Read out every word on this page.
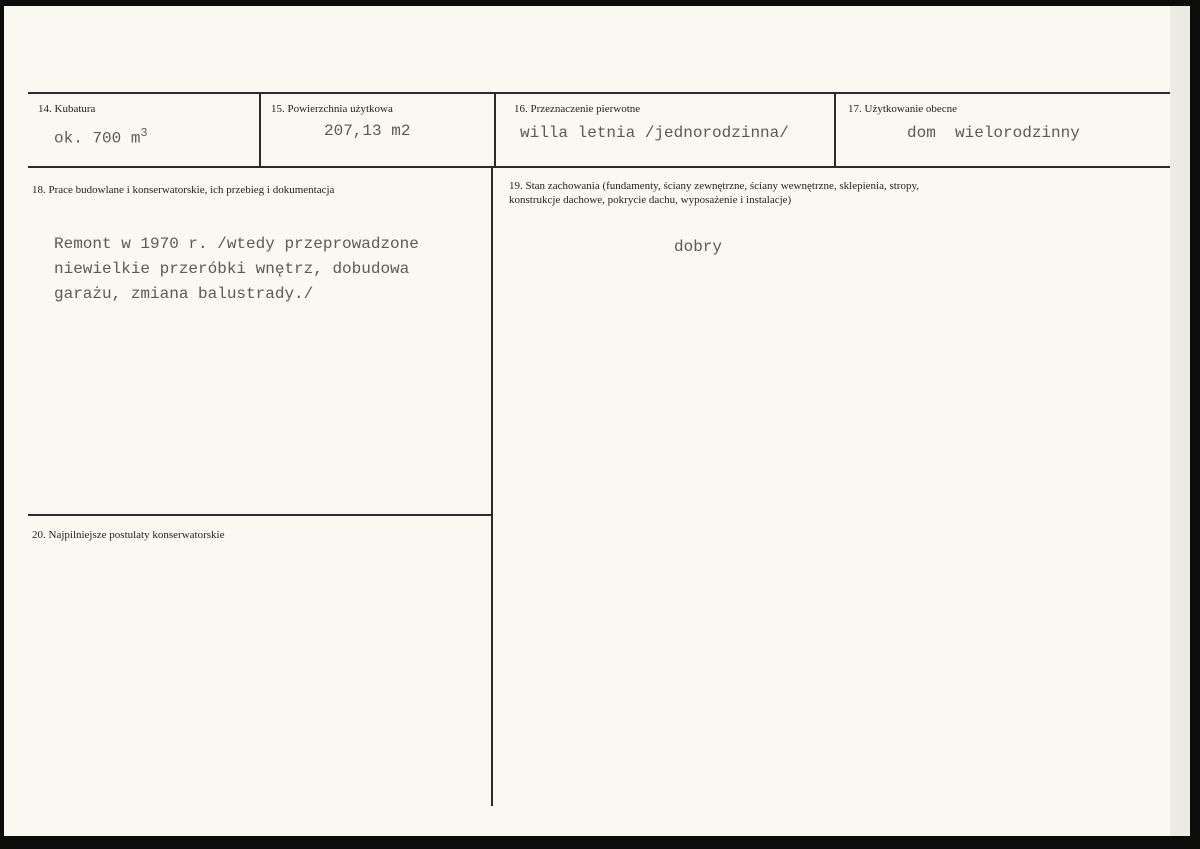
14. Kubatura
ok. 700 $m^3$
15. Powierzchnia użytkowa
207,13 m2
16. Przeznaczenie pierwotne
willa letnia /jednorodzinna/
17. Użytkowanie obecne
dom  wielorodzinny
18. Prace budowlane i konserwatorskie, ich przebieg i dokumentacja
Remont w 1970 r. /wtedy przeprowadzone
niewielkie przeróbki wnętrz, dobudowa
garażu, zmiana balustrady./
19. Stan zachowania (fundamenty, ściany zewnętrzne, ściany wewnętrzne, sklepienia, stropy,
konstrukcje dachowe, pokrycie dachu, wyposażenie i instalacje)
dobry
20. Najpilniejsze postulaty konserwatorskie
